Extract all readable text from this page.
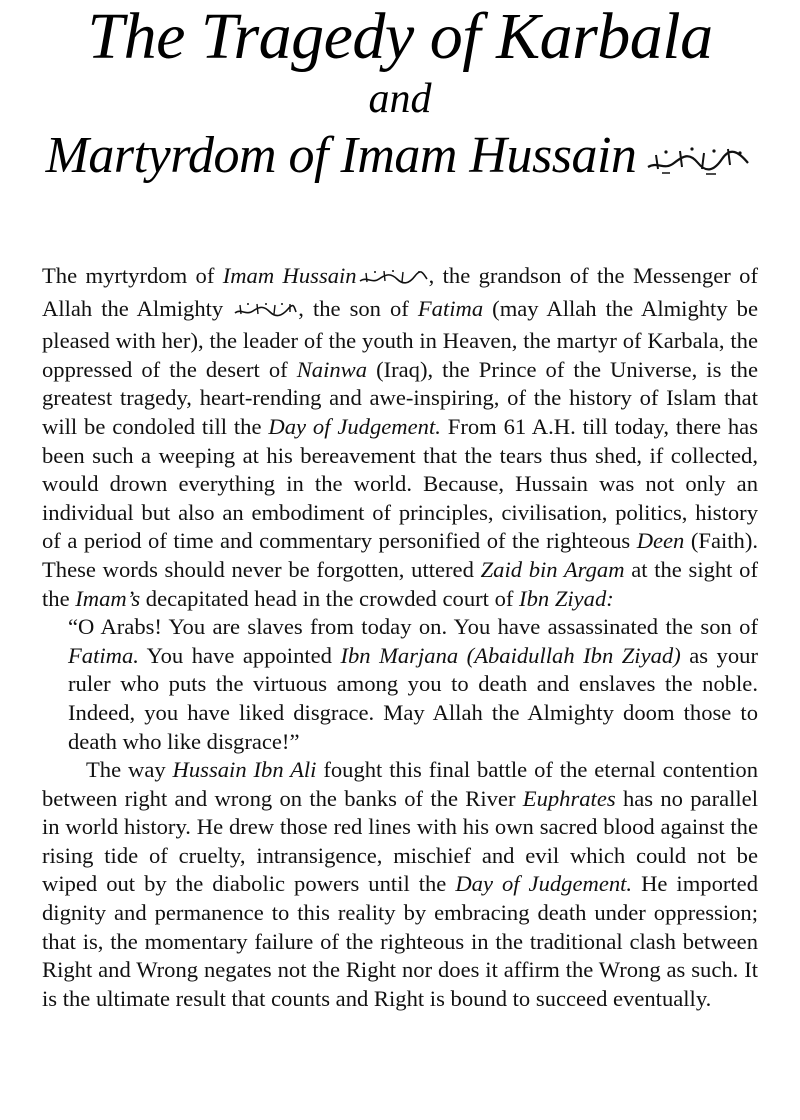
The Tragedy of Karbala
and
Martyrdom of Imam Hussain

The myrtyrdom of Imam Hussain	, the grandson of the Messenger of Allah the Almighty	, the son of Fatima (may Allah the Almighty be pleased with her), the leader of the youth in Heaven, the martyr of Karbala, the oppressed of the desert of Nainwa (Iraq), the Prince of the Universe, is the greatest tragedy, heart-rending and awe-inspiring, of the history of Islam that will be condoled till the Day of Judgement. From 61 A.H. till today, there has been such a weeping at his bereavement that the tears thus shed, if collected, would drown everything in the world. Because, Hussain was not only an individual but also an embodiment of principles, civilisation, politics, history of a period of time and commentary personified of the righteous Deen (Faith). These words should never be forgotten, uttered Zaid bin Argam at the sight of the Imam’s decapitated head in the crowded court of Ibn Ziyad:

“O Arabs! You are slaves from today on. You have assassinated the son of Fatima. You have appointed Ibn Marjana (Abaidullah Ibn Ziyad) as your ruler who puts the virtuous among you to death and enslaves the noble. Indeed, you have liked disgrace. May Allah the Almighty doom those to death who like disgrace!”

The way Hussain Ibn Ali fought this final battle of the eternal contention between right and wrong on the banks of the River Euphrates has no parallel in world history. He drew those red lines with his own sacred blood against the rising tide of cruelty, intransigence, mischief and evil which could not be wiped out by the diabolic powers until the Day of Judgement. He imported dignity and permanence to this reality by embracing death under oppression; that is, the momentary failure of the righteous in the traditional clash between Right and Wrong negates not the Right nor does it affirm the Wrong as such. It is the ultimate result that counts and Right is bound to succeed eventually.
